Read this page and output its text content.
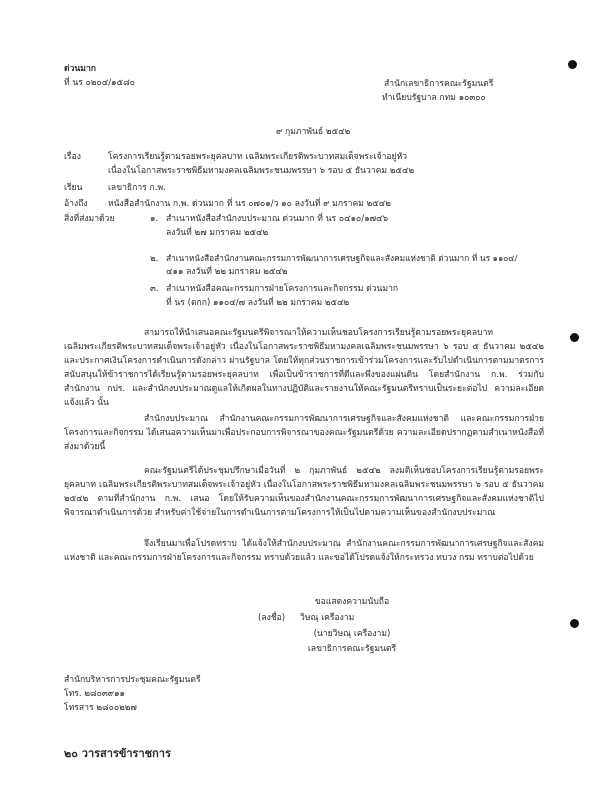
ด่วนมาก
ที่ นร ๐๒๐๔/๑๕๘๐	สำนักเลขาธิการคณะรัฐมนตรี
ทำเนียบรัฐบาล กทม ๑๐๓๐๐
๙ กุมภาพันธ์ ๒๕๔๒
เรื่อง	โครงการเรียนรู้ตามรอยพระยุคลบาท เฉลิมพระเกียรติพระบาทสมเด็จพระเจ้าอยู่หัว
เนื่องในโอกาสพระราชพิธีมหามงคลเฉลิมพระชนมพรรษา ๖ รอบ ๕ ธันวาคม ๒๕๔๒
เรียน	เลขาธิการ ก.พ.
อ้างถึง หนังสือสำนักงาน ก.พ. ด่วนมาก ที่ นร ๐๗๐๑/ว ๑๐ ลงวันที่ ๙ มกราคม ๒๕๔๒
สิ่งที่ส่งมาด้วย	๑. สำเนาหนังสือสำนักงบประมาณ ด่วนมาก ที่ นร ๐๔๑๐/๑๗๔๖
ลงวันที่ ๒๗ มกราคม ๒๕๔๒
๒. สำเนาหนังสือสำนักงานคณะกรรมการพัฒนาการเศรษฐกิจและสังคมแห่งชาติ ด่วนมาก ที่ นร ๑๑๐๔/
๔๑๑ ลงวันที่ ๒๒ มกราคม ๒๕๔๒
๓. สำเนาหนังสือคณะกรรมการฝ่ายโครงการและกิจกรรม ด่วนมาก
ที่ นร (ตกก) ๑๑๐๔/๗ ลงวันที่ ๒๒ มกราคม ๒๕๔๒
สามารถให้นำเสนอคณะรัฐมนตรีพิจารณาให้ความเห็นชอบโครงการเรียนรู้ตามรอยพระยุคลบาท เฉลิมพระเกียรติพระบาทสมเด็จพระเจ้าอยู่หัว เนื่องในโอกาสพระราชพิธีมหามงคลเฉลิมพระชนมพรรษา ๖ รอบ ๕ ธันวาคม ๒๕๔๒ และประกาศเงินโครงการดำเนินการดังกล่าว ผ่านรัฐบาล โดยให้ทุกส่วนราชการเข้าร่วมโครงการและรับไปดำเนินการตามมาตรการสนับสนุนให้ข้าราชการได้เรียนรู้ตามรอยพระยุคลบาท เพื่อเป็นข้าราชการที่ดีและพึ่งของแผ่นดิน โดยสำนักงาน ก.พ. ร่วมกับสำนักงาน กปร. และสำนักงบประมาณดูแลให้เกิดผลในทางปฏิบัติและรายงานให้คณะรัฐมนตรีทราบเป็นระยะต่อไป ความละเอียดแจ้งแล้ว นั้น
สำนักงบประมาณ สำนักงานคณะกรรมการพัฒนาการเศรษฐกิจและสังคมแห่งชาติ และคณะกรรมการฝ่ายโครงการและกิจกรรม ได้เสนอความเห็นมาเพื่อประกอบการพิจารณาของคณะรัฐมนตรีด้วย ความละเอียดปรากฏตามสำเนาหนังสือที่ส่งมาด้วยนี้
คณะรัฐมนตรีได้ประชุมปรึกษาเมื่อวันที่ ๒ กุมภาพันธ์ ๒๕๔๒ ลงมติเห็นชอบโครงการเรียนรู้ตามรอยพระยุคลบาท เฉลิมพระเกียรติพระบาทสมเด็จพระเจ้าอยู่หัว เนื่องในโอกาสพระราชพิธีมหามงคลเฉลิมพระชนมพรรษา ๖ รอบ ๕ ธันวาคม ๒๕๔๒ ตามที่สำนักงาน ก.พ. เสนอ โดยให้รับความเห็นของสำนักงานคณะกรรมการพัฒนาการเศรษฐกิจและสังคมแห่งชาติไปพิจารณาดำเนินการด้วย สำหรับค่าใช้จ่ายในการดำเนินการตามโครงการให้เป็นไปตามความเห็นของสำนักงบประมาณ
จึงเรียนมาเพื่อโปรดทราบ ได้แจ้งให้สำนักงบประมาณ สำนักงานคณะกรรมการพัฒนาการเศรษฐกิจและสังคมแห่งชาติ และคณะกรรมการฝ่ายโครงการและกิจกรรม ทราบด้วยแล้ว และขอได้โปรดแจ้งให้กระทรวง ทบวง กรม ทราบต่อไปด้วย
ขอแสดงความนับถือ
(ลงชื่อ) วิษณุ เครืองาม
(นายวิษณุ เครืองาม)
เลขาธิการคณะรัฐมนตรี
สำนักบริหารการประชุมคณะรัฐมนตรี
โทร. ๒๘๐๓๙๑๑
โทรสาร ๒๘๐๐๒๒๗
๒๐ วารสารข้าราชการ
